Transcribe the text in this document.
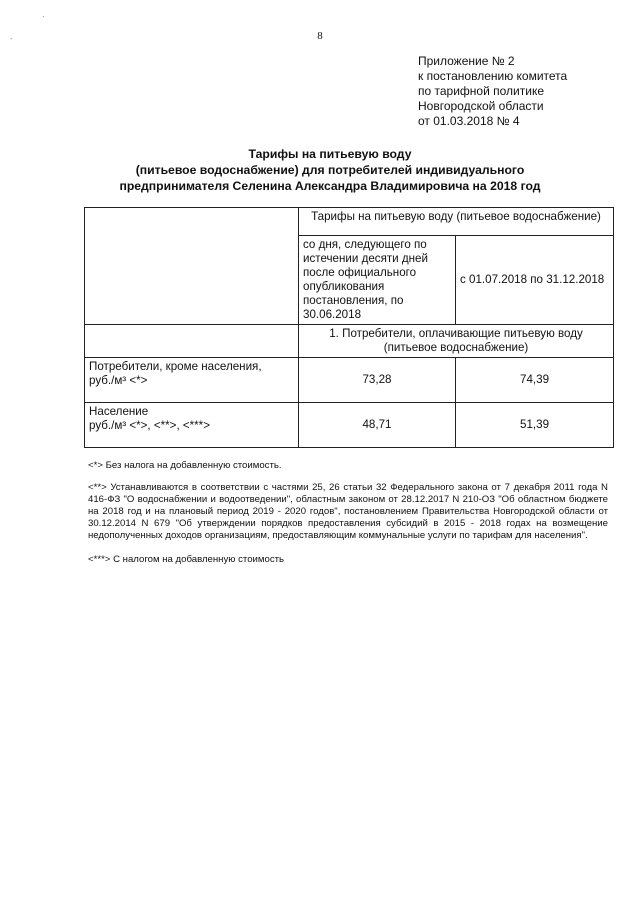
·
-	8
Приложение № 2
к постановлению комитета
по тарифной политике
Новгородской области
от 01.03.2018 № 4
Тарифы на питьевую воду
(питьевое водоснабжение) для потребителей индивидуального
предпринимателя Селенина Александра Владимировича на 2018 год
	Тарифы на питьевую воду (питьевое водоснабжение)	
	со дня, следующего по истечении десяти дней после официального опубликования постановления, по 30.06.2018	с 01.07.2018 по 31.12.2018
	1. Потребители, оплачивающие питьевую воду (питьевое водоснабжение)	

Потребители, кроме населения,
руб./м³ <*>	73,28	74,39

Население
руб./м³ <*>, <**>, <***>	48,71	51,39

<*> Без налога на добавленную стоимость.

<**> Устанавливаются в соответствии с частями 25, 26 статьи 32 Федерального закона от 7 декабря 2011 года N 416-ФЗ "О водоснабжении и водоотведении", областным законом от 28.12.2017 N 210-ОЗ "Об областном бюджете на 2018 год и на плановый период 2019 - 2020 годов", постановлением Правительства Новгородской области от 30.12.2014 N 679 "Об утверждении порядков предоставления субсидий в 2015 - 2018 годах на возмещение недополученных доходов организациям, предоставляющим коммунальные услуги по тарифам для населения".

<***> С налогом на добавленную стоимость
